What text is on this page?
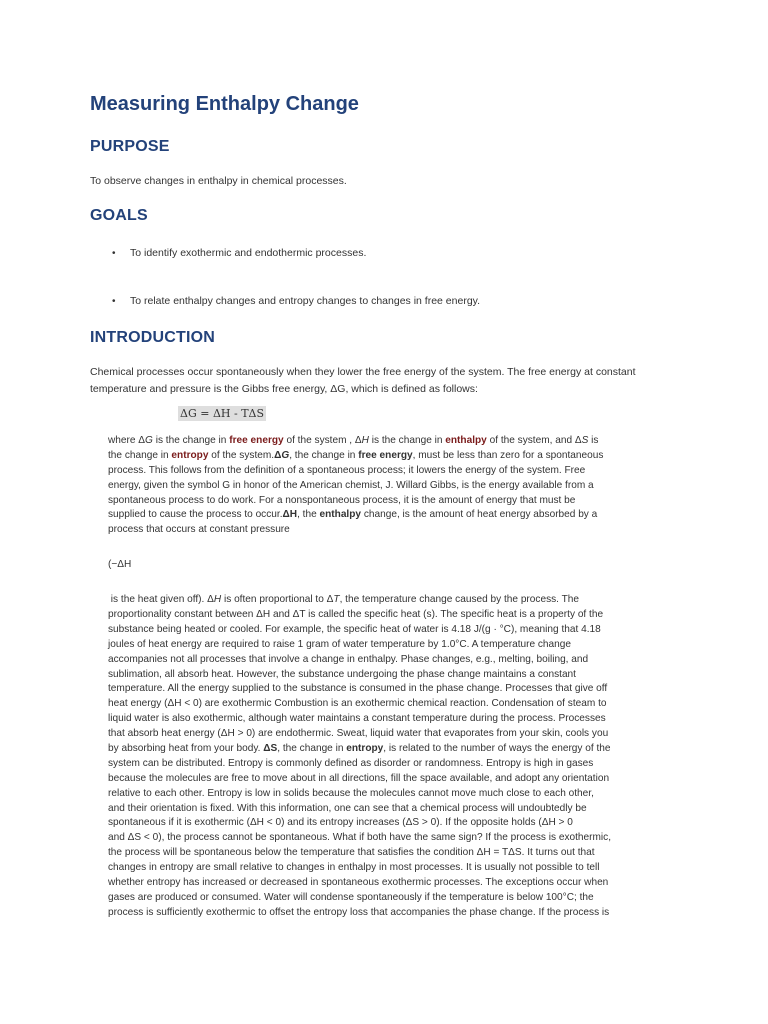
Measuring Enthalpy Change
PURPOSE
To observe changes in enthalpy in chemical processes.
GOALS
• To identify exothermic and endothermic processes.
• To relate enthalpy changes and entropy changes to changes in free energy.
INTRODUCTION
Chemical processes occur spontaneously when they lower the free energy of the system. The free energy at constant
temperature and pressure is the Gibbs free energy, ΔG, which is defined as follows:
ΔG = ΔH - TΔS
where ΔG is the change in free energy of the system , ΔH is the change in enthalpy of the system, and ΔS is
the change in entropy of the system.ΔG, the change in free energy, must be less than zero for a spontaneous
process. This follows from the definition of a spontaneous process; it lowers the energy of the system. Free
energy, given the symbol G in honor of the American chemist, J. Willard Gibbs, is the energy available from a
spontaneous process to do work. For a nonspontaneous process, it is the amount of energy that must be
supplied to cause the process to occur.ΔH, the enthalpy change, is the amount of heat energy absorbed by a
process that occurs at constant pressure
(−ΔH
is the heat given off). ΔH is often proportional to ΔT, the temperature change caused by the process. The
proportionality constant between ΔH and ΔT is called the specific heat (s). The specific heat is a property of the
substance being heated or cooled. For example, the specific heat of water is 4.18 J/(g · °C), meaning that 4.18
joules of heat energy are required to raise 1 gram of water temperature by 1.0°C. A temperature change
accompanies not all processes that involve a change in enthalpy. Phase changes, e.g., melting, boiling, and
sublimation, all absorb heat. However, the substance undergoing the phase change maintains a constant
temperature. All the energy supplied to the substance is consumed in the phase change. Processes that give off
heat energy (ΔH < 0) are exothermic Combustion is an exothermic chemical reaction. Condensation of steam to
liquid water is also exothermic, although water maintains a constant temperature during the process. Processes
that absorb heat energy (ΔH > 0) are endothermic. Sweat, liquid water that evaporates from your skin, cools you
by absorbing heat from your body. ΔS, the change in entropy, is related to the number of ways the energy of the
system can be distributed. Entropy is commonly defined as disorder or randomness. Entropy is high in gases
because the molecules are free to move about in all directions, fill the space available, and adopt any orientation
relative to each other. Entropy is low in solids because the molecules cannot move much close to each other,
and their orientation is fixed. With this information, one can see that a chemical process will undoubtedly be
spontaneous if it is exothermic (ΔH < 0) and its entropy increases (ΔS > 0). If the opposite holds (ΔH > 0
and ΔS < 0), the process cannot be spontaneous. What if both have the same sign? If the process is exothermic,
the process will be spontaneous below the temperature that satisfies the condition ΔH = TΔS. It turns out that
changes in entropy are small relative to changes in enthalpy in most processes. It is usually not possible to tell
whether entropy has increased or decreased in spontaneous exothermic processes. The exceptions occur when
gases are produced or consumed. Water will condense spontaneously if the temperature is below 100°C; the
process is sufficiently exothermic to offset the entropy loss that accompanies the phase change. If the process is
